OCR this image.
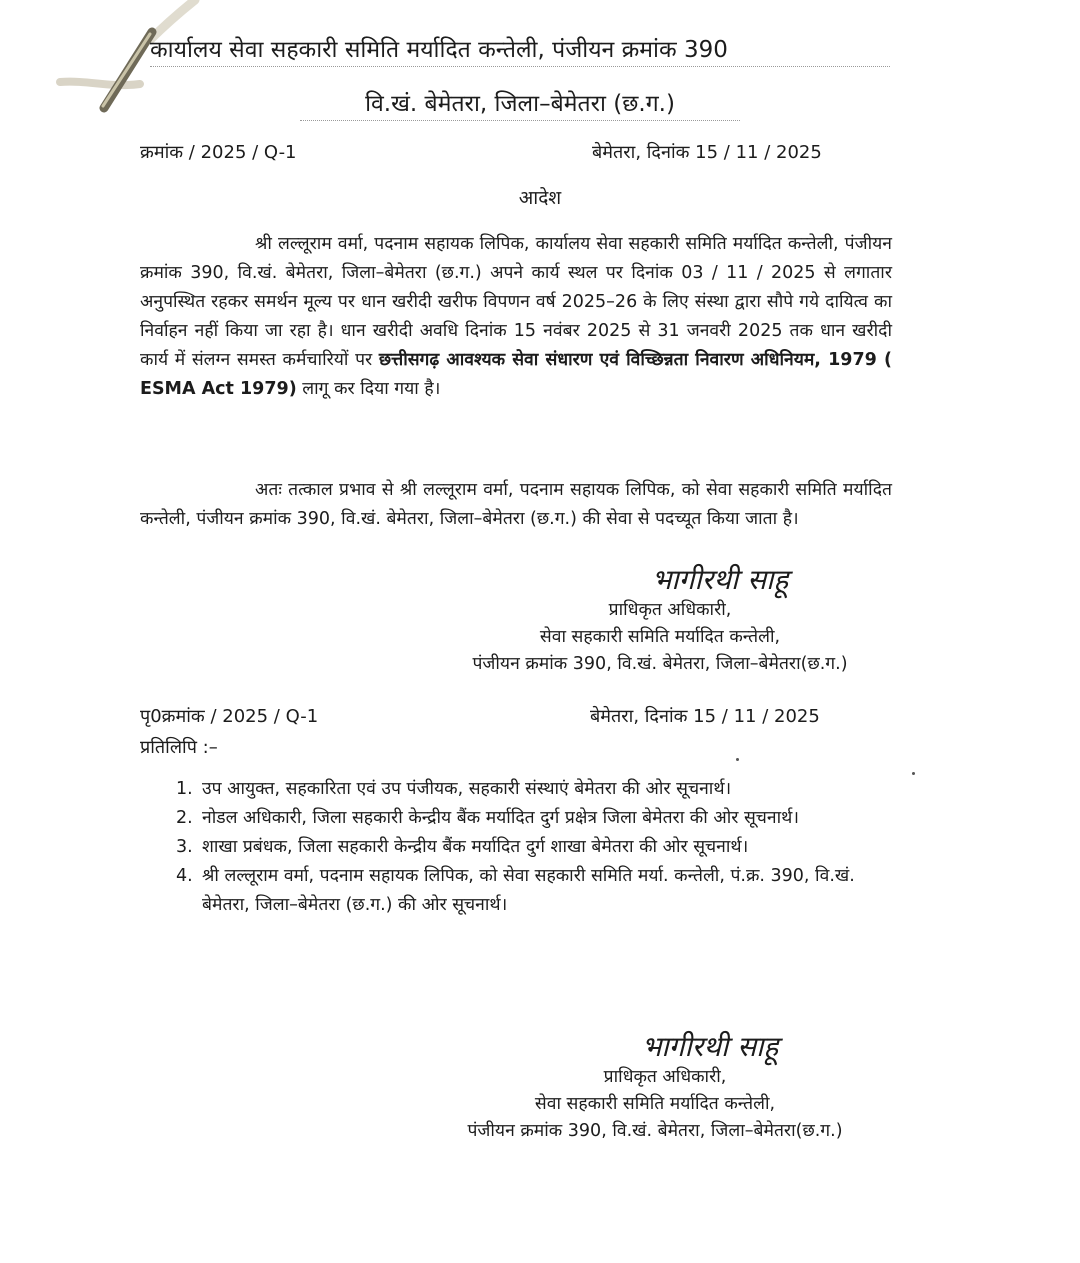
कार्यालय सेवा सहकारी समिति मर्यादित कन्तेली, पंजीयन क्रमांक 390
वि.खं. बेमेतरा, जिला–बेमेतरा (छ.ग.)
क्रमांक / 2025 / Q-1	बेमेतरा, दिनांक 15 / 11 / 2025
आदेश
श्री लल्लूराम वर्मा, पदनाम सहायक लिपिक, कार्यालय सेवा सहकारी समिति मर्यादित कन्तेली, पंजीयन क्रमांक 390, वि.खं. बेमेतरा, जिला–बेमेतरा (छ.ग.) अपने कार्य स्थल पर दिनांक 03 / 11 / 2025 से लगातार अनुपस्थित रहकर समर्थन मूल्य पर धान खरीदी खरीफ विपणन वर्ष 2025–26 के लिए संस्था द्वारा सौपे गये दायित्व का निर्वाहन नहीं किया जा रहा है। धान खरीदी अवधि दिनांक 15 नवंबर 2025 से 31 जनवरी 2025 तक धान खरीदी कार्य में संलग्न समस्त कर्मचारियों पर छत्तीसगढ़ आवश्यक सेवा संधारण एवं विच्छिन्नता निवारण अधिनियम, 1979 ( ESMA Act 1979) लागू कर दिया गया है।
अतः तत्काल प्रभाव से श्री लल्लूराम वर्मा, पदनाम सहायक लिपिक, को सेवा सहकारी समिति मर्यादित कन्तेली, पंजीयन क्रमांक 390, वि.खं. बेमेतरा, जिला–बेमेतरा (छ.ग.) की सेवा से पदच्यूत किया जाता है।
भागीरथी साहू
प्राधिकृत अधिकारी,
सेवा सहकारी समिति मर्यादित कन्तेली,
पंजीयन क्रमांक 390, वि.खं. बेमेतरा, जिला–बेमेतरा(छ.ग.)
पृ0क्रमांक / 2025 / Q-1	बेमेतरा, दिनांक 15 / 11 / 2025
प्रतिलिपि :–
1. उप आयुक्त, सहकारिता एवं उप पंजीयक, सहकारी संस्थाएं बेमेतरा की ओर सूचनार्थ।
2. नोडल अधिकारी, जिला सहकारी केन्द्रीय बैंक मर्यादित दुर्ग प्रक्षेत्र जिला बेमेतरा की ओर सूचनार्थ।
3. शाखा प्रबंधक, जिला सहकारी केन्द्रीय बैंक मर्यादित दुर्ग शाखा बेमेतरा की ओर सूचनार्थ।
4. श्री लल्लूराम वर्मा, पदनाम सहायक लिपिक, को सेवा सहकारी समिति मर्या. कन्तेली, पं.क्र. 390, वि.खं. बेमेतरा, जिला–बेमेतरा (छ.ग.) की ओर सूचनार्थ।
भागीरथी साहू
प्राधिकृत अधिकारी,
सेवा सहकारी समिति मर्यादित कन्तेली,
पंजीयन क्रमांक 390, वि.खं. बेमेतरा, जिला–बेमेतरा(छ.ग.)
